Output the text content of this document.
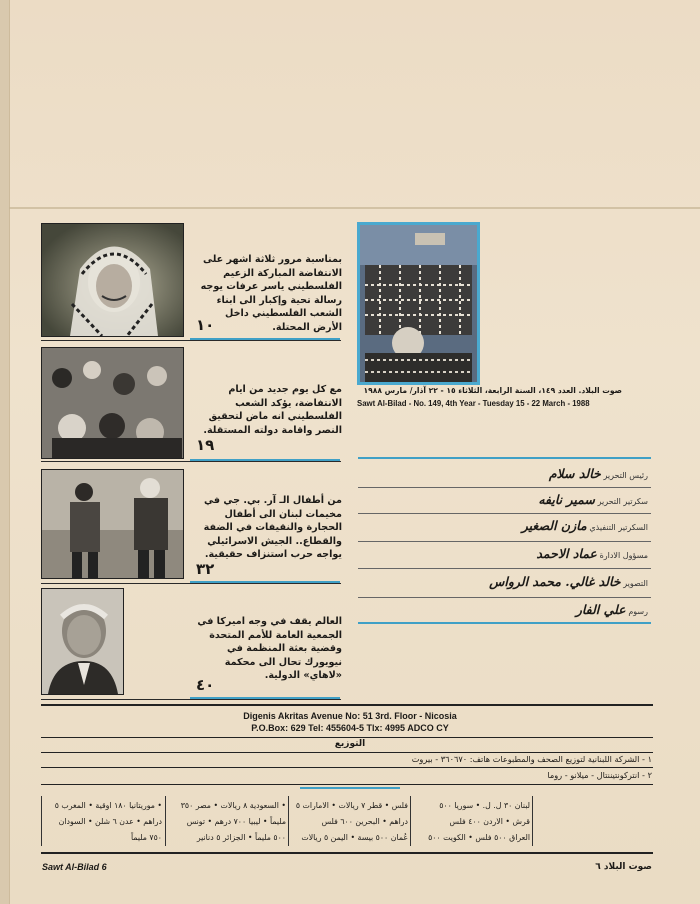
بمناسبة مرور ثلاثة اشهر على الانتفاضة المباركة الزعيم الفلسطيني ياسر عرفات يوجه رسالة تحية وإكبار الى ابناء الشعب الفلسطيني داخل الأرض المحتلة.
١٠
مع كل يوم جديد من ايام الانتفاضة، يؤكد الشعب الفلسطيني انه ماض لتحقيق النصر واقامة دولته المستقلة.
١٩
من أطفال الـ آر. بي. جي في مخيمات لبنان الى أطفال الحجارة والنقيفات في الضفة والقطاع.. الجيش الاسرائيلي يواجه حرب استنزاف حقيقية.
٣٢
العالم يقف في وجه اميركا في الجمعية العامة للأمم المتحدة وقضية بعثة المنظمة في نيويورك تحال الى محكمة «لاهاي» الدولية.
٤٠
صوت البلاد. العدد ١٤٩، السنة الرابعة، الثلاثاء ١٥ - ٢٢ آذار/ مارس ١٩٨٨
Sawt Al-Bilad - No. 149, 4th Year - Tuesday 15 - 22 March - 1988
رئيس التحرير خالد سلام
سكرتير التحرير سمير نايفه
السكرتير التنفيذي مازن الصغير
مسؤول الادارة عماد الاحمد
التصوير خالد غالي. محمد الرواس
رسوم علي الفار
Digenis Akritas Avenue No: 51 3rd. Floor - Nicosia
P.O.Box: 629 Tel: 455604-5 Tlx: 4995 ADCO CY
التوزيع
١ - الشركة اللبنانية لتوزيع الصحف والمطبوعات هاتف: ٣٦٠٦٧٠ - بيروت
٢ - انتركونتيننتال - ميلانو - روما
• موريتانيا ١٨٠ اوقية • المغرب ٥
دراهم • عدن ٦ شلن • السودان
٧٥٠ مليماً
• السعودية ٨ ريالات • مصر ٣٥٠
مليماً • ليبيا ٧٠٠ درهم • تونس
٥٠٠ مليماً • الجزائر ٥ دنانير
فلس • قطر ٧ ريالات • الامارات ٥
دراهم • البحرين ٦٠٠ فلس
عُمان ٥٠٠ بيسة • اليمن ٥ ريالات
لبنان ٣٠ ل. ل. • سوريا ٥٠٠
قرش • الاردن ٤٠٠ فلس
العراق ٥٠٠ فلس • الكويت ٥٠٠
Sawt Al-Bilad 6	صوت البلاد ٦
